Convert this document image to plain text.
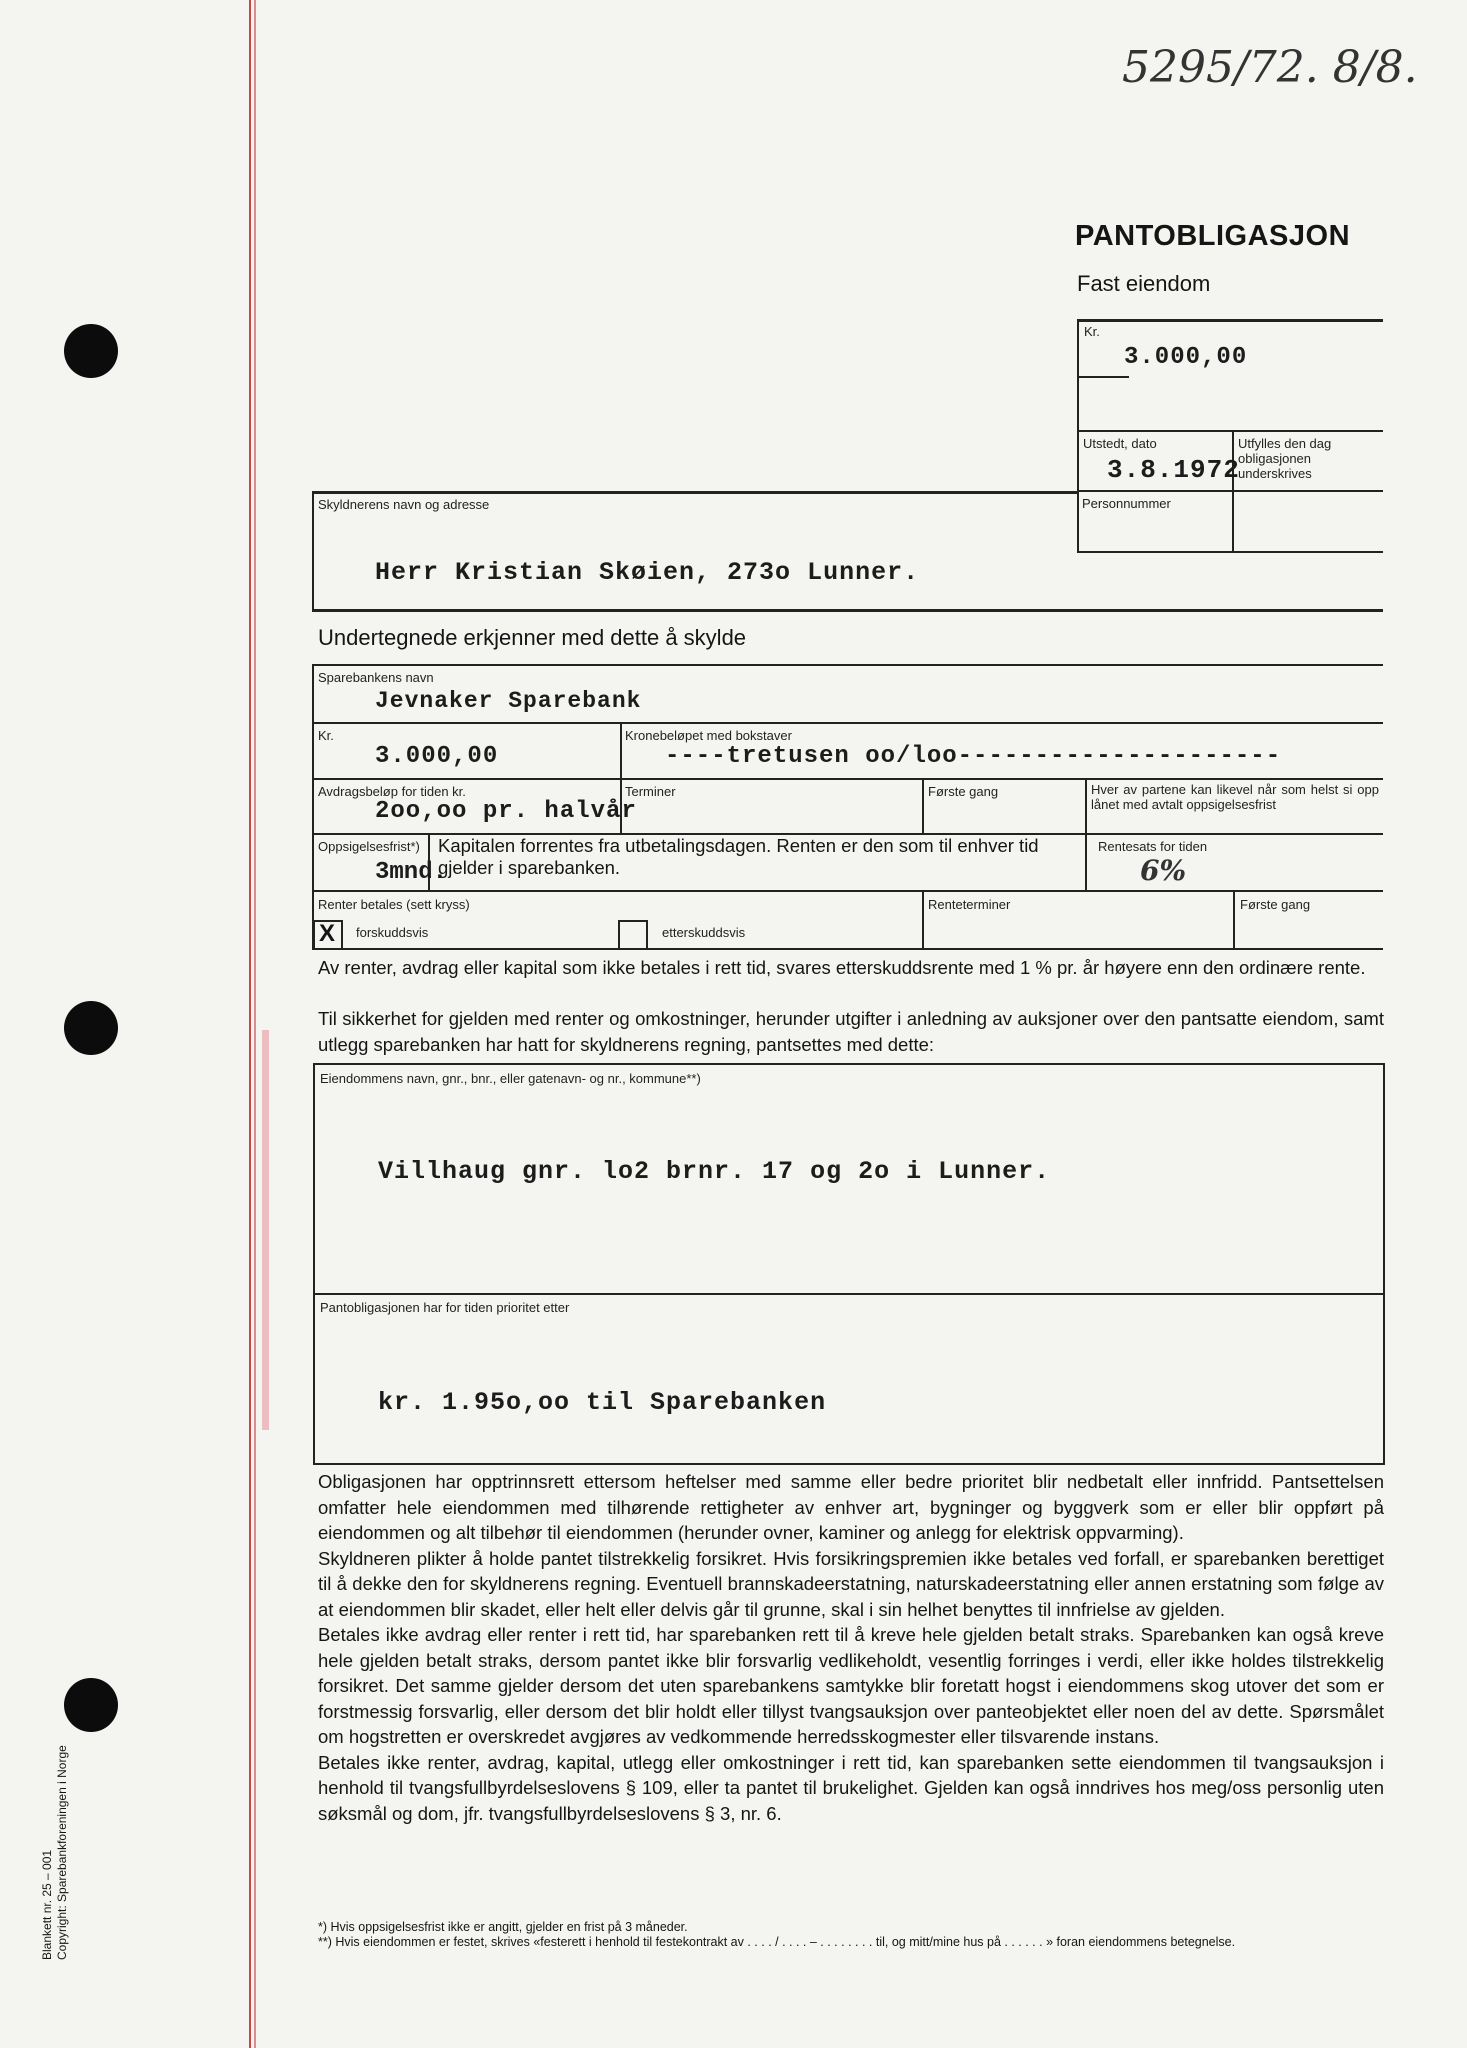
Blankett nr. 25 – 001 Copyright: Sparebankforeningen i Norge
5295/72. 8/8.
PANTOBLIGASJON
Fast eiendom
Kr.
3.000,00
Utstedt, dato
3.8.1972
Utfylles den dag obligasjonen underskrives
Personnummer
Skyldnerens navn og adresse
Herr Kristian Skøien, 273o Lunner.
Undertegnede erkjenner med dette å skylde
Sparebankens navn
Jevnaker Sparebank
Kr.
3.000,00
Kronebeløpet med bokstaver
----tretusen oo/loo---------------------
Avdragsbeløp for tiden kr.
2oo,oo pr. halvår
Terminer	Første gang	Hver av partene kan likevel når som helst si opp lånet med avtalt oppsigelsesfrist
Oppsigelsesfrist*)
3mnd.
Kapitalen forrentes fra utbetalingsdagen. Renten er den som til enhver tid gjelder i sparebanken.
Rentesats for tiden
6%
Renter betales (sett kryss)
X forskuddsvis	etterskuddsvis
Renteterminer	Første gang

Av renter, avdrag eller kapital som ikke betales i rett tid, svares etterskuddsrente med 1 % pr. år høyere enn den ordinære rente.

Til sikkerhet for gjelden med renter og omkostninger, herunder utgifter i anledning av auksjoner over den pantsatte eiendom, samt utlegg sparebanken har hatt for skyldnerens regning, pantsettes med dette:

Eiendommens navn, gnr., bnr., eller gatenavn- og nr., kommune**)
Villhaug gnr. lo2 brnr. 17 og 2o i Lunner.
Pantobligasjonen har for tiden prioritet etter
kr. 1.95o,oo til Sparebanken

Obligasjonen har opptrinnsrett ettersom heftelser med samme eller bedre prioritet blir nedbetalt eller innfridd. Pantsettelsen omfatter hele eiendommen med tilhørende rettigheter av enhver art, bygninger og byggverk som er eller blir oppført på eiendommen og alt tilbehør til eiendommen (herunder ovner, kaminer og anlegg for elektrisk oppvarming).

Skyldneren plikter å holde pantet tilstrekkelig forsikret. Hvis forsikringspremien ikke betales ved forfall, er sparebanken berettiget til å dekke den for skyldnerens regning. Eventuell brannskadeerstatning, naturskadeerstatning eller annen erstatning som følge av at eiendommen blir skadet, eller helt eller delvis går til grunne, skal i sin helhet benyttes til innfrielse av gjelden.

Betales ikke avdrag eller renter i rett tid, har sparebanken rett til å kreve hele gjelden betalt straks. Sparebanken kan også kreve hele gjelden betalt straks, dersom pantet ikke blir forsvarlig vedlikeholdt, vesentlig forringes i verdi, eller ikke holdes tilstrekkelig forsikret. Det samme gjelder dersom det uten sparebankens samtykke blir foretatt hogst i eiendommens skog utover det som er forstmessig forsvarlig, eller dersom det blir holdt eller tillyst tvangsauksjon over panteobjektet eller noen del av dette. Spørsmålet om hogstretten er overskredet avgjøres av vedkommende herredsskogmester eller tilsvarende instans.

Betales ikke renter, avdrag, kapital, utlegg eller omkostninger i rett tid, kan sparebanken sette eiendommen til tvangsauksjon i henhold til tvangsfullbyrdelseslovens § 109, eller ta pantet til brukelighet. Gjelden kan også inndrives hos meg/oss personlig uten søksmål og dom, jfr. tvangsfullbyrdelseslovens § 3, nr. 6.

*) Hvis oppsigelsesfrist ikke er angitt, gjelder en frist på 3 måneder.
**) Hvis eiendommen er festet, skrives «festerett i henhold til festekontrakt av . . . . / . . . . – . . . . . . . . til, og mitt/mine hus på . . . . . . » foran eiendommens betegnelse.
